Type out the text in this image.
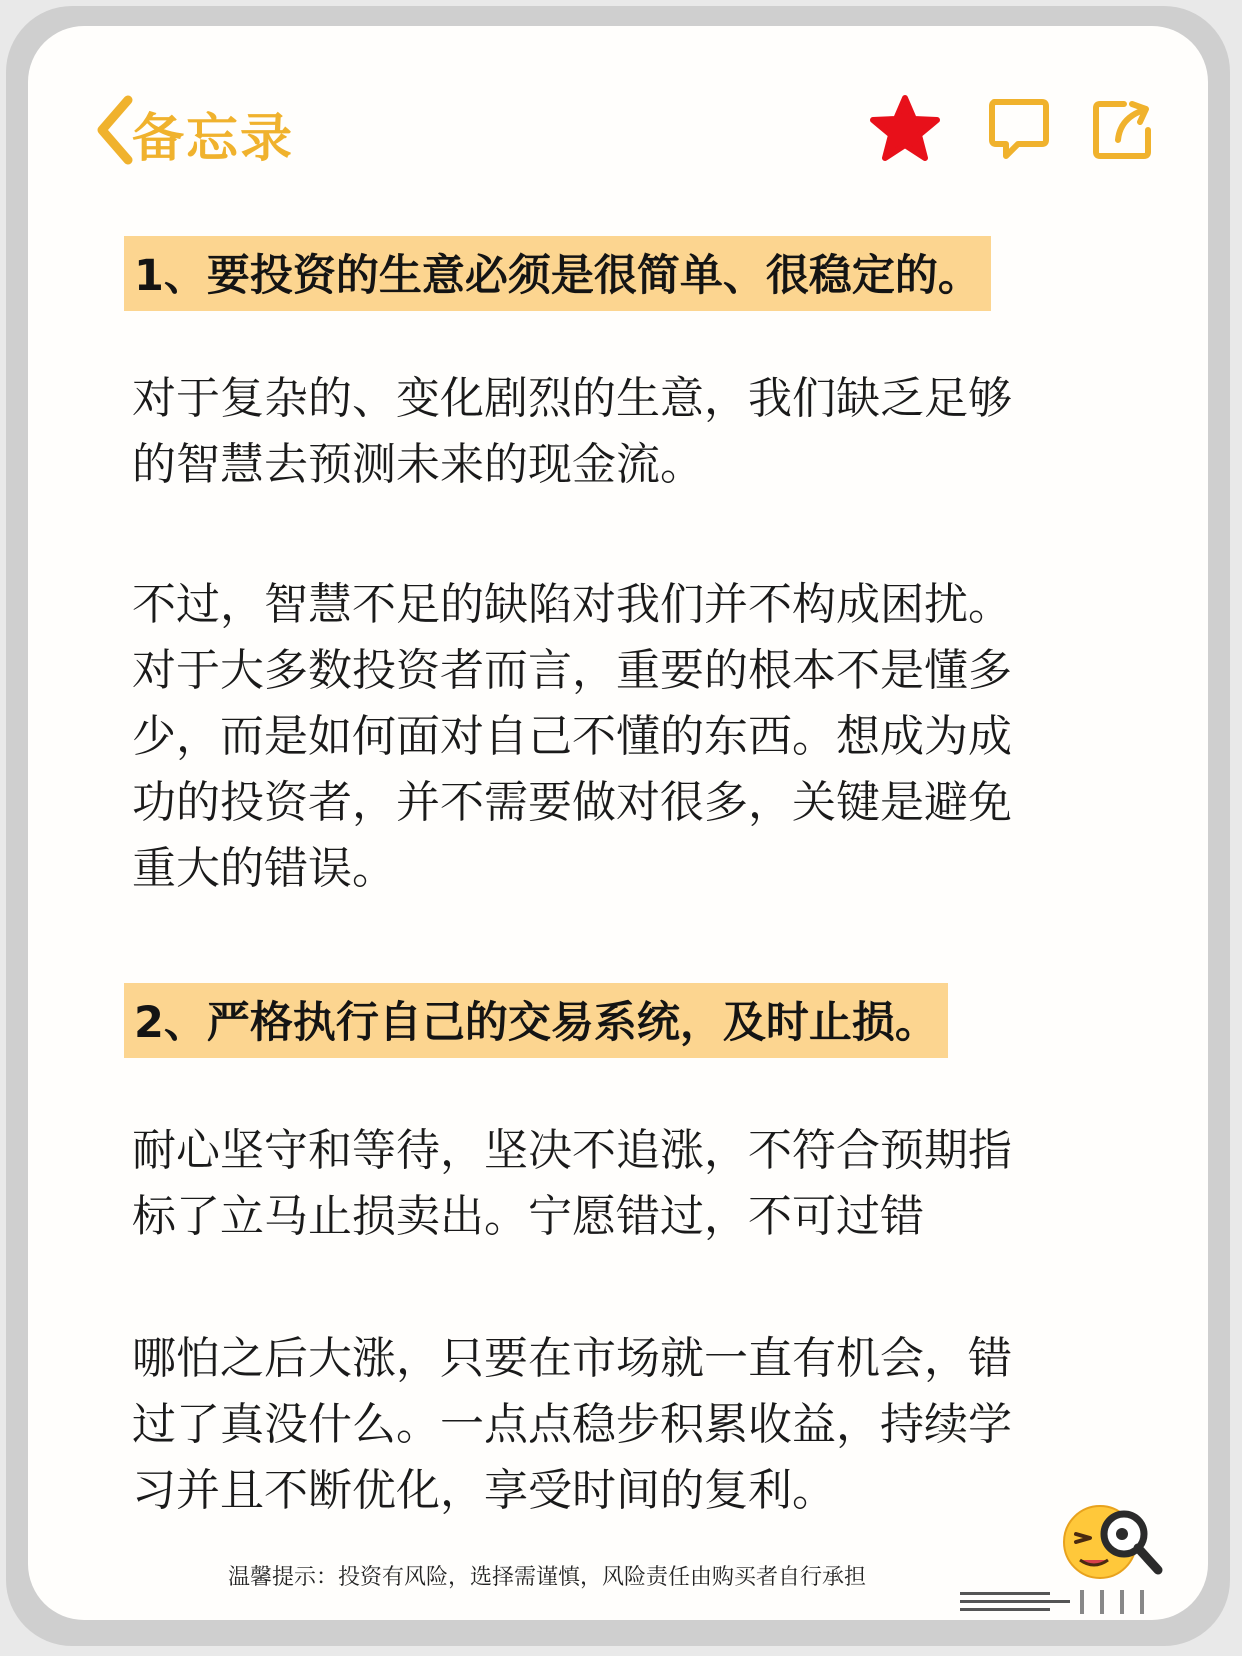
备忘录
1、要投资的生意必须是很简单、很稳定的。
对于复杂的、变化剧烈的生意，我们缺乏足够
的智慧去预测未来的现金流。
不过，智慧不足的缺陷对我们并不构成困扰。
对于大多数投资者而言，重要的根本不是懂多
少，而是如何面对自己不懂的东西。想成为成
功的投资者，并不需要做对很多，关键是避免
重大的错误。
2、严格执行自己的交易系统，及时止损。
耐心坚守和等待，坚决不追涨，不符合预期指
标了立马止损卖出。宁愿错过，不可过错
哪怕之后大涨，只要在市场就一直有机会，错
过了真没什么。一点点稳步积累收益，持续学
习并且不断优化，享受时间的复利。
温馨提示：投资有风险，选择需谨慎，风险责任由购买者自行承担
